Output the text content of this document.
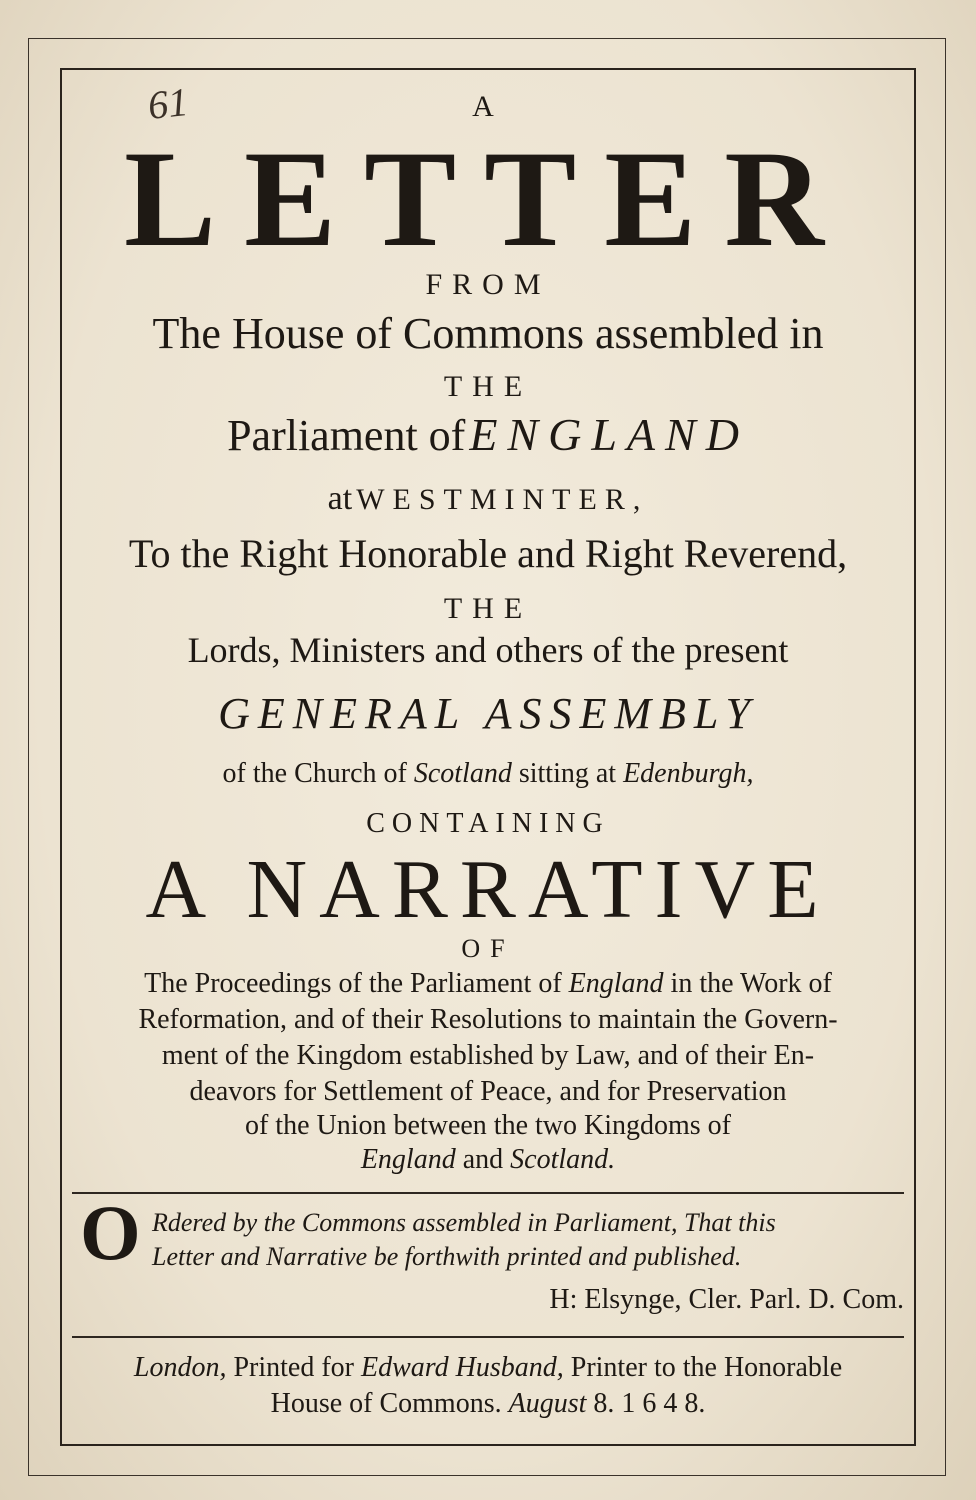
61	A
LETTER
FROM
The House of Commons assembled in
THE
Parliament of ENGLAND
at WESTMINTER,
To the Right Honorable and Right Reverend,
THE
Lords, Ministers and others of the present
GENERAL ASSEMBLY
of the Church of Scotland sitting at Edenburgh,
CONTAINING
A NARRATIVE
OF
The Proceedings of the Parliament of England in the Work of
Reformation, and of their Resolutions to maintain the Govern-
ment of the Kingdom established by Law, and of their En-
deavors for Settlement of Peace, and for Preservation
of the Union between the two Kingdoms of
England and Scotland.
O Rdered by the Commons assembled in Parliament, That this
Letter and Narrative be forthwith printed and published.
H: Elsynge, Cler. Parl. D. Com.
London, Printed for Edward Husband, Printer to the Honorable
House of Commons. August 8. 1 6 4 8.
